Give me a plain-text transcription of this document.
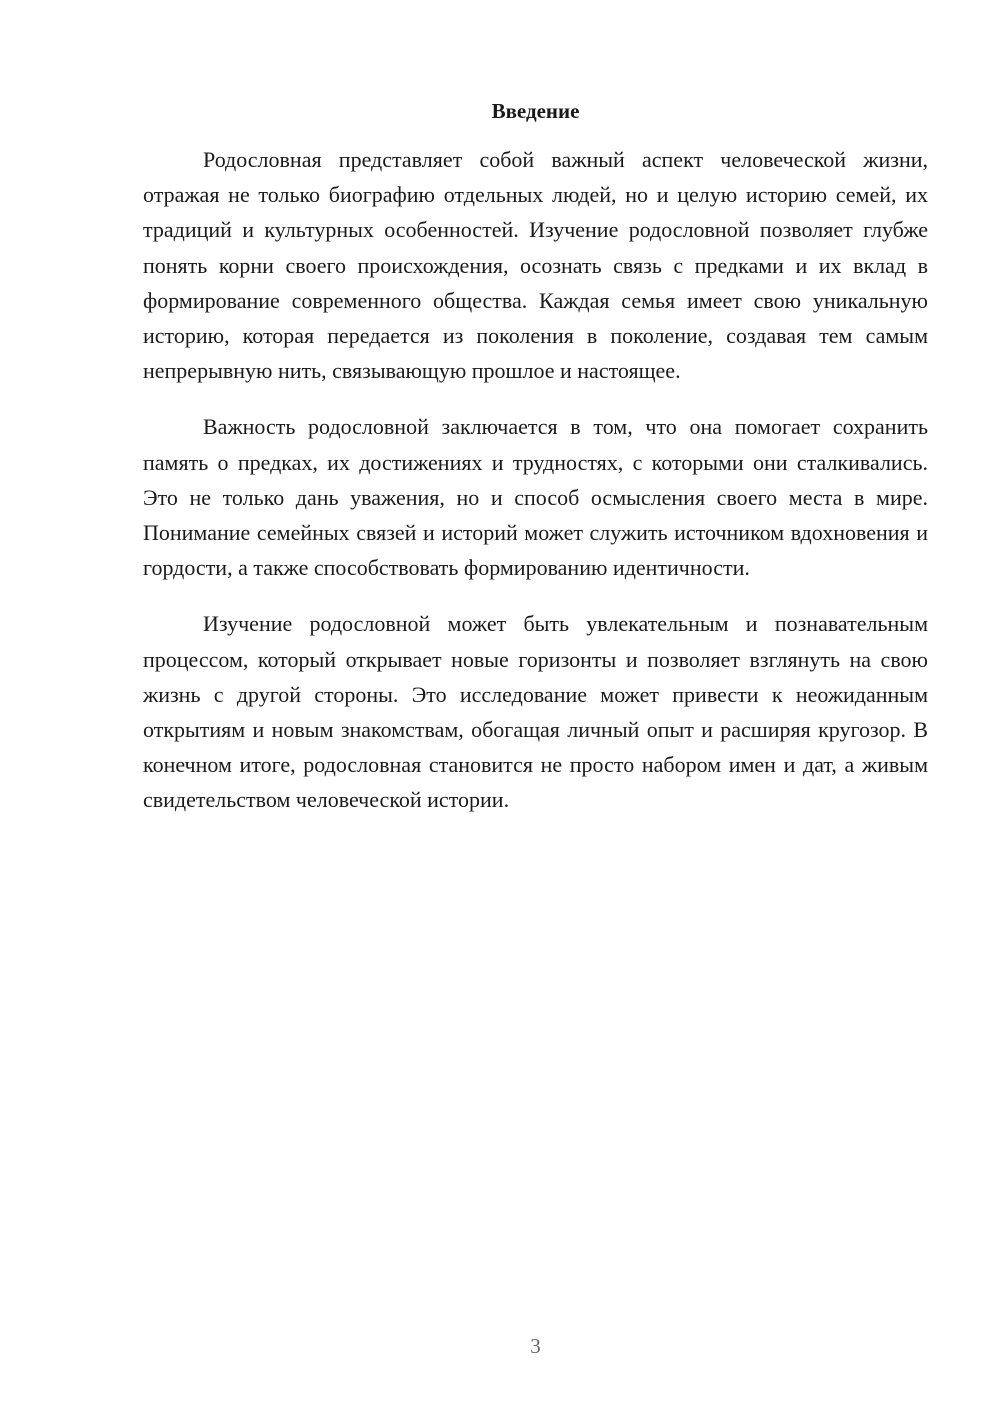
Введение

Родословная представляет собой важный аспект человеческой жизни, отражая не только биографию отдельных людей, но и целую историю семей, их традиций и культурных особенностей. Изучение родословной позволяет глубже понять корни своего происхождения, осознать связь с предками и их вклад в формирование современного общества. Каждая семья имеет свою уникальную историю, которая передается из поколения в поколение, создавая тем самым непрерывную нить, связывающую прошлое и настоящее.

Важность родословной заключается в том, что она помогает сохранить память о предках, их достижениях и трудностях, с которыми они сталкивались. Это не только дань уважения, но и способ осмысления своего места в мире. Понимание семейных связей и историй может служить источником вдохновения и гордости, а также способствовать формированию идентичности.

Изучение родословной может быть увлекательным и познавательным процессом, который открывает новые горизонты и позволяет взглянуть на свою жизнь с другой стороны. Это исследование может привести к неожиданным открытиям и новым знакомствам, обогащая личный опыт и расширяя кругозор. В конечном итоге, родословная становится не просто набором имен и дат, а живым свидетельством человеческой истории.

3
